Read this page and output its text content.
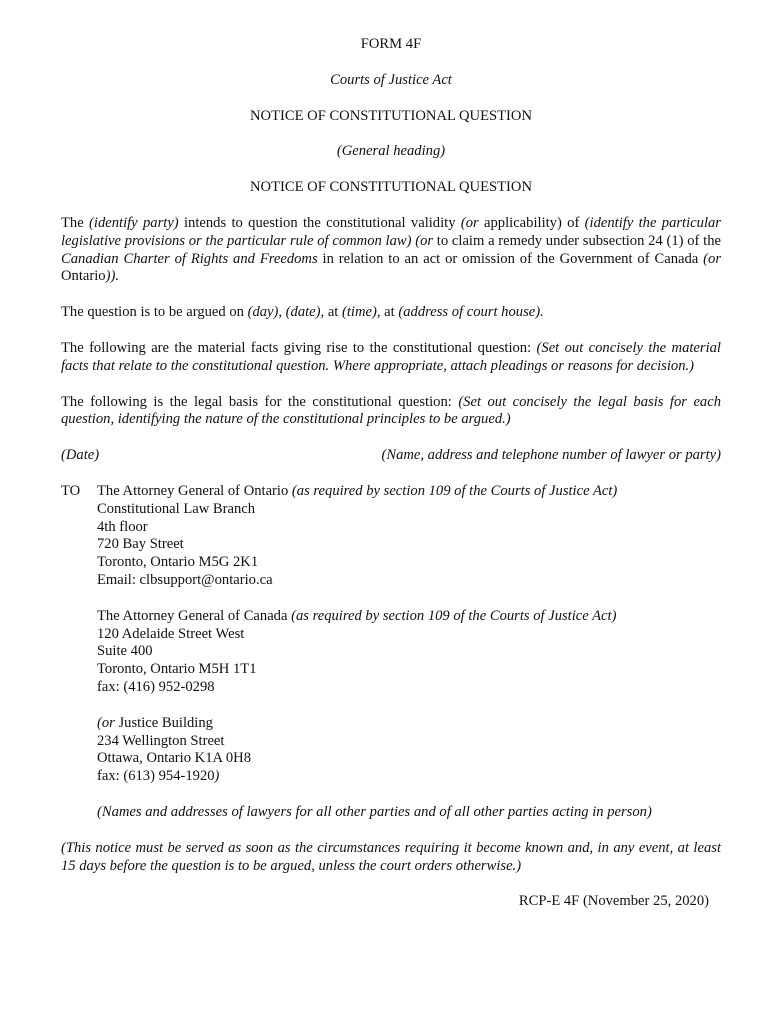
FORM 4F

Courts of Justice Act

NOTICE OF CONSTITUTIONAL QUESTION

(General heading)

NOTICE OF CONSTITUTIONAL QUESTION

The (identify party) intends to question the constitutional validity (or applicability) of (identify the particular legislative provisions or the particular rule of common law) (or to claim a remedy under subsection 24 (1) of the Canadian Charter of Rights and Freedoms in relation to an act or omission of the Government of Canada (or Ontario)).

The question is to be argued on (day), (date), at (time), at (address of court house).

The following are the material facts giving rise to the constitutional question: (Set out concisely the material facts that relate to the constitutional question. Where appropriate, attach pleadings or reasons for decision.)

The following is the legal basis for the constitutional question: (Set out concisely the legal basis for each question, identifying the nature of the constitutional principles to be argued.)

(Date)	(Name, address and telephone number of lawyer or party)
TO	The Attorney General of Ontario (as required by section 109 of the Courts of Justice Act)
Constitutional Law Branch
4th floor
720 Bay Street
Toronto, Ontario M5G 2K1
Email: clbsupport@ontario.ca
The Attorney General of Canada (as required by section 109 of the Courts of Justice Act)
120 Adelaide Street West
Suite 400
Toronto, Ontario M5H 1T1
fax: (416) 952-0298
(or Justice Building
234 Wellington Street
Ottawa, Ontario K1A 0H8
fax: (613) 954-1920)
(Names and addresses of lawyers for all other parties and of all other parties acting in person)

(This notice must be served as soon as the circumstances requiring it become known and, in any event, at least 15 days before the question is to be argued, unless the court orders otherwise.)

RCP-E 4F (November 25, 2020)
